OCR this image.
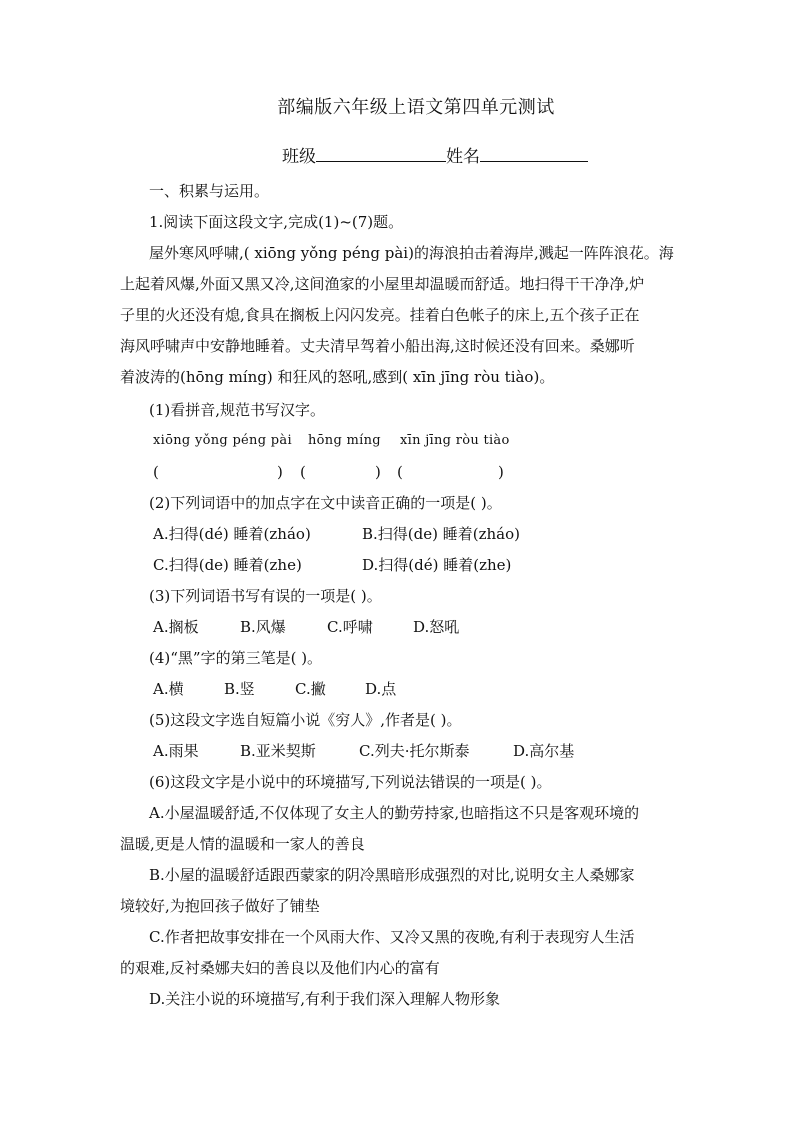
部编版六年级上语文第四单元测试
班级	姓名
一、积累与运用。
1.阅读下面这段文字,完成(1)~(7)题。
屋外寒风呼啸,( xiōng yǒng péng pài)的海浪拍击着海岸,溅起一阵阵浪花。海
上起着风爆,外面又黑又冷,这间渔家的小屋里却温暖而舒适。地扫得干干净净,炉
子里的火还没有熄,食具在搁板上闪闪发亮。挂着白色帐子的床上,五个孩子正在
海风呼啸声中安静地睡着。丈夫清早驾着小船出海,这时候还没有回来。桑娜听
着波涛的(hōng míng) 和狂风的怒吼,感到( xīn jīng ròu tiào)。
(1)看拼音,规范书写汉字。
xiōng yǒng péng pài hōng míng xīn jīng ròu tiào
(	) (	) (	)
(2)下列词语中的加点字在文中读音正确的一项是( )。
A.扫得(dé) 睡着(zháo)	B.扫得(de) 睡着(zháo)
C.扫得(de) 睡着(zhe)	D.扫得(dé) 睡着(zhe)
(3)下列词语书写有误的一项是( )。
A.搁板	B.风爆	C.呼啸	D.怒吼
(4)“黑”字的第三笔是( )。
A.横	B.竖	C.撇	D.点
(5)这段文字选自短篇小说《穷人》,作者是( )。
A.雨果	B.亚米契斯	C.列夫·托尔斯泰	D.高尔基
(6)这段文字是小说中的环境描写,下列说法错误的一项是( )。
A.小屋温暖舒适,不仅体现了女主人的勤劳持家,也暗指这不只是客观环境的
温暖,更是人情的温暖和一家人的善良
B.小屋的温暖舒适跟西蒙家的阴冷黑暗形成强烈的对比,说明女主人桑娜家
境较好,为抱回孩子做好了铺垫
C.作者把故事安排在一个风雨大作、又冷又黑的夜晚,有利于表现穷人生活
的艰难,反衬桑娜夫妇的善良以及他们内心的富有
D.关注小说的环境描写,有利于我们深入理解人物形象
